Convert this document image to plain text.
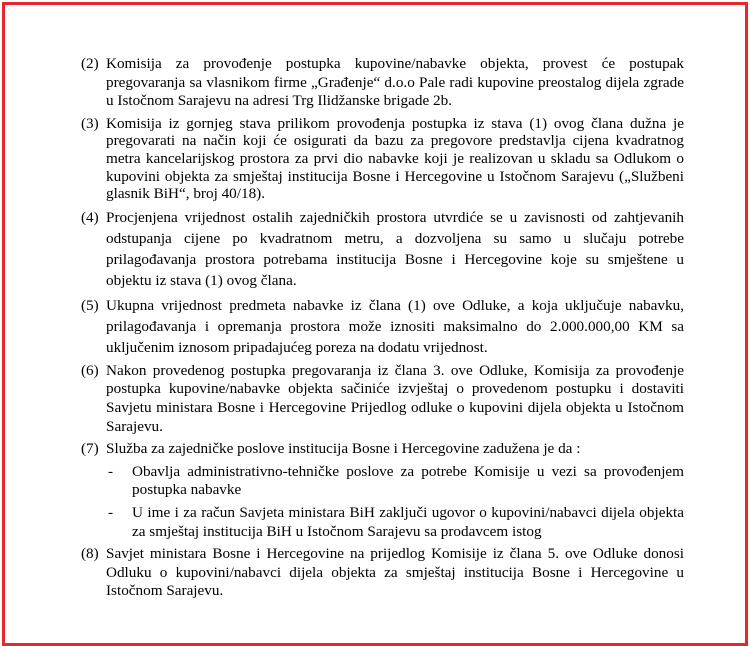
(2) Komisija za provođenje postupka kupovine/nabavke objekta, provest će postupak pregovaranja sa vlasnikom firme „Građenje“ d.o.o Pale radi kupovine preostalog dijela zgrade u Istočnom Sarajevu na adresi Trg Ilidžanske brigade 2b.
(3) Komisija iz gornjeg stava prilikom provođenja postupka iz stava (1) ovog člana dužna je pregovarati na način koji će osigurati da bazu za pregovore predstavlja cijena kvadratnog metra kancelarijskog prostora za prvi dio nabavke koji je realizovan u skladu sa Odlukom o kupovini objekta za smještaj institucija Bosne i Hercegovine u Istočnom Sarajevu („Službeni glasnik BiH“, broj 40/18).
(4) Procjenjena vrijednost ostalih zajedničkih prostora utvrdiće se u zavisnosti od zahtjevanih odstupanja cijene po kvadratnom metru, a dozvoljena su samo u slučaju potrebe prilagođavanja prostora potrebama institucija Bosne i Hercegovine koje su smještene u objektu iz stava (1) ovog člana.
(5) Ukupna vrijednost predmeta nabavke iz člana (1) ove Odluke, a koja uključuje nabavku, prilagođavanja i opremanja prostora može iznositi maksimalno do 2.000.000,00 KM sa uključenim iznosom pripadajućeg poreza na dodatu vrijednost.
(6) Nakon provedenog postupka pregovaranja iz člana 3. ove Odluke, Komisija za provođenje postupka kupovine/nabavke objekta sačiniće izvještaj o provedenom postupku i dostaviti Savjetu ministara Bosne i Hercegovine Prijedlog odluke o kupovini dijela objekta u Istočnom Sarajevu.
(7) Služba za zajedničke poslove institucija Bosne i Hercegovine zadužena je da :
- Obavlja administrativno-tehničke poslove za potrebe Komisije u vezi sa provođenjem postupka nabavke
- U ime i za račun Savjeta ministara BiH zaključi ugovor o kupovini/nabavci dijela objekta za smještaj institucija BiH u Istočnom Sarajevu sa prodavcem istog
(8) Savjet ministara Bosne i Hercegovine na prijedlog Komisije iz člana 5. ove Odluke donosi Odluku o kupovini/nabavci dijela objekta za smještaj institucija Bosne i Hercegovine u Istočnom Sarajevu.
